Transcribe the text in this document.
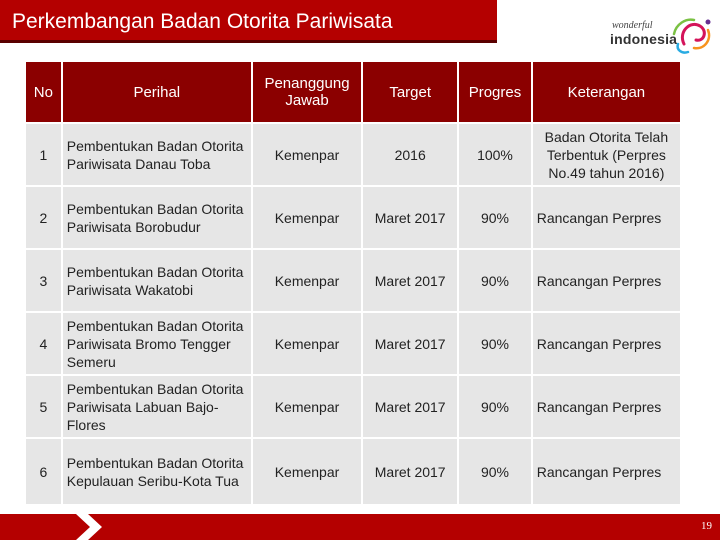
Perkembangan Badan Otorita Pariwisata	wonderful
indonesia
No	Perihal	Penanggung Jawab	Target	Progres	Keterangan
1	Pembentukan Badan Otorita Pariwisata Danau Toba	Kemenpar	2016	100%	Badan Otorita Telah Terbentuk (Perpres No.49 tahun 2016)
2	Pembentukan Badan Otorita Pariwisata Borobudur	Kemenpar	Maret 2017	90%	Rancangan Perpres
3	Pembentukan Badan Otorita Pariwisata Wakatobi	Kemenpar	Maret 2017	90%	Rancangan Perpres
4	Pembentukan Badan Otorita Pariwisata Bromo Tengger Semeru	Kemenpar	Maret 2017	90%	Rancangan Perpres
5	Pembentukan Badan Otorita Pariwisata Labuan Bajo-Flores	Kemenpar	Maret 2017	90%	Rancangan Perpres
6	Pembentukan Badan Otorita Kepulauan Seribu-Kota Tua	Kemenpar	Maret 2017	90%	Rancangan Perpres
19
